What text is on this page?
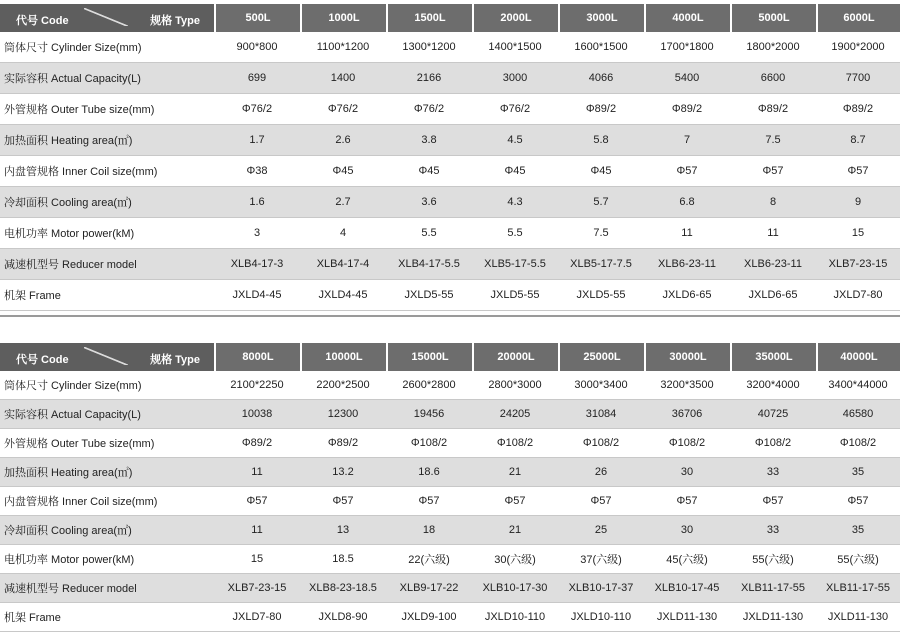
代号 Code 规格 Type	500L	1000L	1500L	2000L	3000L	4000L	5000L	6000L
筒体尺寸 Cylinder Size(mm)	900*800	1100*1200	1300*1200	1400*1500	1600*1500	1700*1800	1800*2000	1900*2000
实际容积 Actual Capacity(L)	699	1400	2166	3000	4066	5400	6600	7700
外管规格 Outer Tube size(mm)	Φ76/2	Φ76/2	Φ76/2	Φ76/2	Φ89/2	Φ89/2	Φ89/2	Φ89/2
加热面积 Heating area(㎡)	1.7	2.6	3.8	4.5	5.8	7	7.5	8.7
内盘管规格 Inner Coil size(mm)	Φ38	Φ45	Φ45	Φ45	Φ45	Φ57	Φ57	Φ57
冷却面积 Cooling area(㎡)	1.6	2.7	3.6	4.3	5.7	6.8	8	9
电机功率 Motor power(kM)	3	4	5.5	5.5	7.5	11	11	15
减速机型号 Reducer model	XLB4-17-3	XLB4-17-4	XLB4-17-5.5	XLB5-17-5.5	XLB5-17-7.5	XLB6-23-11	XLB6-23-11	XLB7-23-15
机架 Frame	JXLD4-45	JXLD4-45	JXLD5-55	JXLD5-55	JXLD5-55	JXLD6-65	JXLD6-65	JXLD7-80
代号 Code 规格 Type	8000L	10000L	15000L	20000L	25000L	30000L	35000L	40000L
筒体尺寸 Cylinder Size(mm)	2100*2250	2200*2500	2600*2800	2800*3000	3000*3400	3200*3500	3200*4000	3400*44000
实际容积 Actual Capacity(L)	10038	12300	19456	24205	31084	36706	40725	46580
外管规格 Outer Tube size(mm)	Φ89/2	Φ89/2	Φ108/2	Φ108/2	Φ108/2	Φ108/2	Φ108/2	Φ108/2
加热面积 Heating area(㎡)	11	13.2	18.6	21	26	30	33	35
内盘管规格 Inner Coil size(mm)	Φ57	Φ57	Φ57	Φ57	Φ57	Φ57	Φ57	Φ57
冷却面积 Cooling area(㎡)	11	13	18	21	25	30	33	35
电机功率 Motor power(kM)	15	18.5	22(六级)	30(六级)	37(六级)	45(六级)	55(六级)	55(六级)
减速机型号 Reducer model	XLB7-23-15	XLB8-23-18.5	XLB9-17-22	XLB10-17-30	XLB10-17-37	XLB10-17-45	XLB11-17-55	XLB11-17-55
机架 Frame	JXLD7-80	JXLD8-90	JXLD9-100	JXLD10-110	JXLD10-110	JXLD11-130	JXLD11-130	JXLD11-130
